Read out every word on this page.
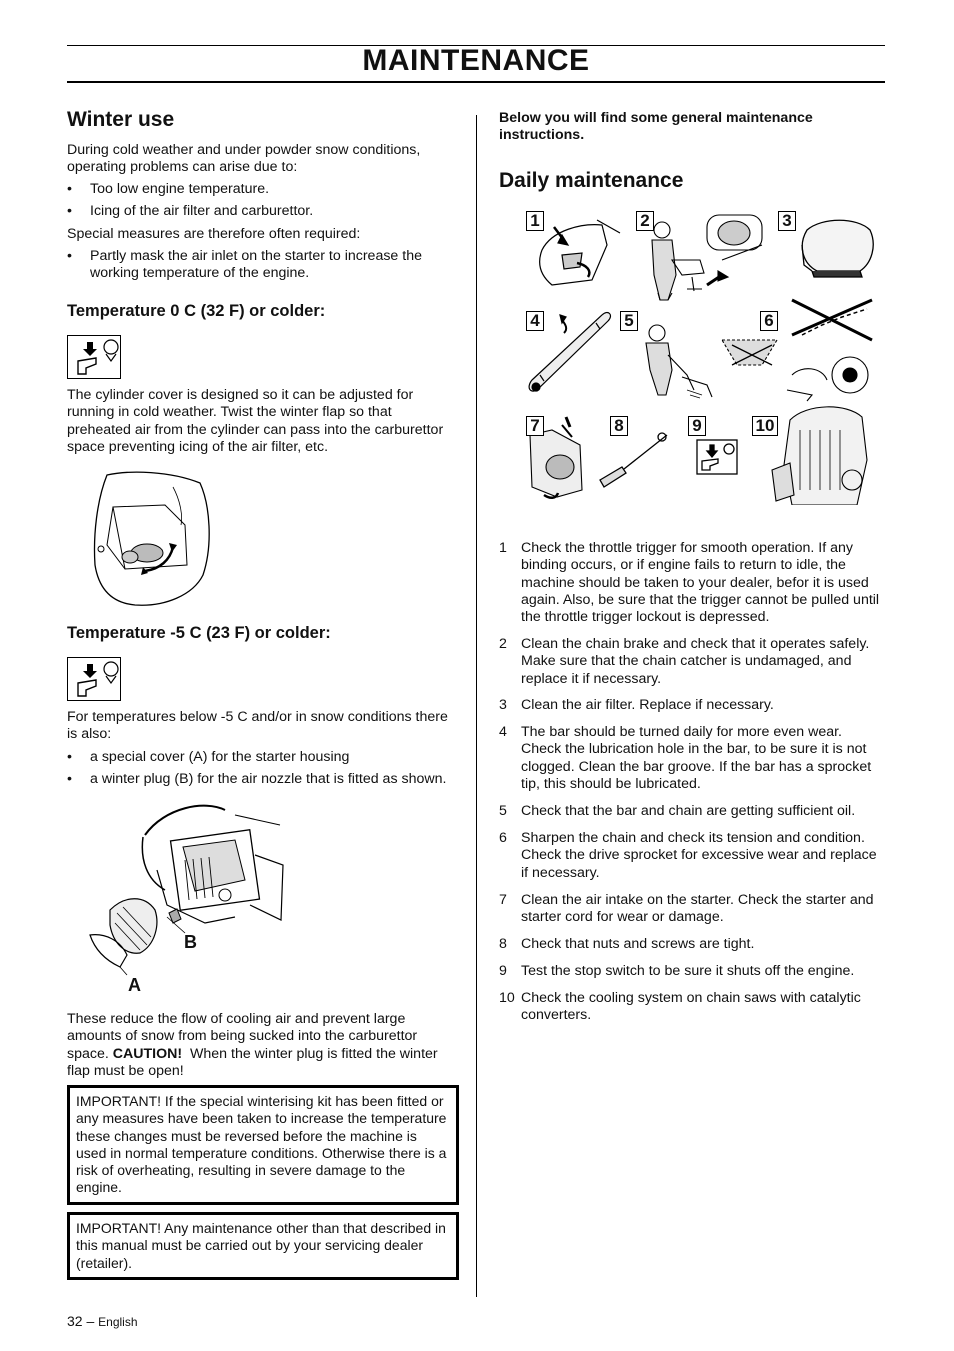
MAINTENANCE
Winter use

During cold weather and under powder snow conditions, operating problems can arise due to:

• Too low engine temperature.
• Icing of the air filter and carburettor.

Special measures are therefore often required:

• Partly mask the air inlet on the starter to increase the working temperature of the engine.
Temperature 0 C (32 F) or colder:

The cylinder cover is designed so it can be adjusted for running in cold weather. Twist the winter flap so that preheated air from the cylinder can pass into the carburettor space preventing icing of the air filter, etc.

Temperature -5 C (23 F) or colder:

For temperatures below -5 C and/or in snow conditions there is also:

• a special cover (A) for the starter housing
• a winter plug (B) for the air nozzle that is fitted as shown.
B
A

These reduce the flow of cooling air and prevent large amounts of snow from being sucked into the carburettor space. CAUTION! When the winter plug is fitted the winter flap must be open!

IMPORTANT! If the special winterising kit has been fitted or any measures have been taken to increase the temperature these changes must be reversed before the machine is used in normal temperature conditions. Otherwise there is a risk of overheating, resulting in severe damage to the engine.
IMPORTANT! Any maintenance other than that described in this manual must be carried out by your servicing dealer (retailer).

Below you will find some general maintenance instructions.

Daily maintenance
1	2	3
4	5	6
7	8	9	10
1 Check the throttle trigger for smooth operation. If any binding occurs, or if engine fails to return to idle, the machine should be taken to your dealer, befor it is used again. Also, be sure that the trigger cannot be pulled until the throttle trigger lockout is depressed.
2 Clean the chain brake and check that it operates safely. Make sure that the chain catcher is undamaged, and replace it if necessary.
3 Clean the air filter. Replace if necessary.
4 The bar should be turned daily for more even wear. Check the lubrication hole in the bar, to be sure it is not clogged. Clean the bar groove. If the bar has a sprocket tip, this should be lubricated.
5 Check that the bar and chain are getting sufficient oil.
6 Sharpen the chain and check its tension and condition. Check the drive sprocket for excessive wear and replace if necessary.
7 Clean the air intake on the starter. Check the starter and starter cord for wear or damage.
8 Check that nuts and screws are tight.
9 Test the stop switch to be sure it shuts off the engine.
10 Check the cooling system on chain saws with catalytic converters.
32 – English
